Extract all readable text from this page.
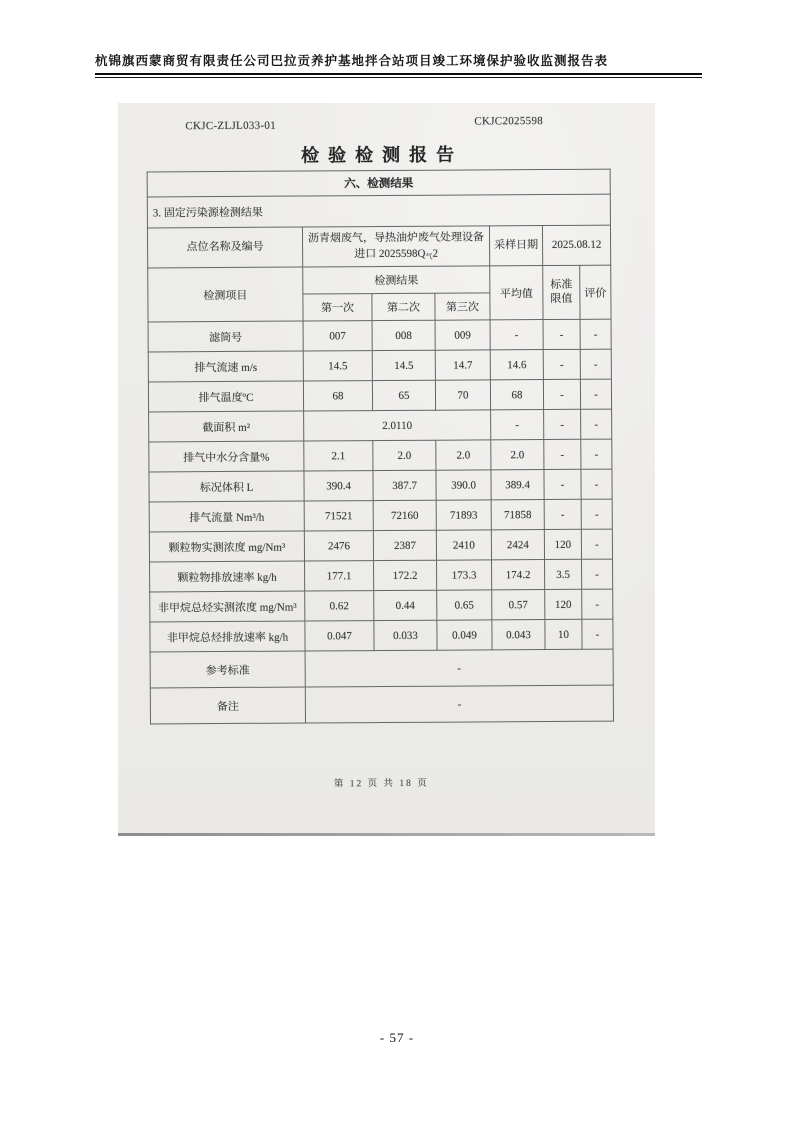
杭锦旗西蒙商贸有限责任公司巴拉贡养护基地拌合站项目竣工环境保护验收监测报告表
CKJC-ZLJL033-01	CKJC2025598
检验检测报告
六、检测结果						
3. 固定污染源检测结果						
点位名称及编号	沥青烟废气，导热油炉废气处理设备
进口 2025598Q气2			采样日期	2025.08.12	
检测项目	检测结果			平均值	标准限值	评价
	第一次	第二次	第三次			
滤筒号	007	008	009	-	-	-
排气流速 m/s	14.5	14.5	14.7	14.6	-	-
排气温度ºC	68	65	70	68	-	-
截面积 m²	2.0110			-	-	-
排气中水分含量%	2.1	2.0	2.0	2.0	-	-
标况体积 L	390.4	387.7	390.0	389.4	-	-
排气流量 Nm³/h	71521	72160	71893	71858	-	-
颗粒物实测浓度 mg/Nm³	2476	2387	2410	2424	120	-
颗粒物排放速率 kg/h	177.1	172.2	173.3	174.2	3.5	-
非甲烷总烃实测浓度 mg/Nm³	0.62	0.44	0.65	0.57	120	-
非甲烷总烃排放速率 kg/h	0.047	0.033	0.049	0.043	10	-
参考标准	-					
备注	-					
第 12 页 共 18 页
- 57 -
